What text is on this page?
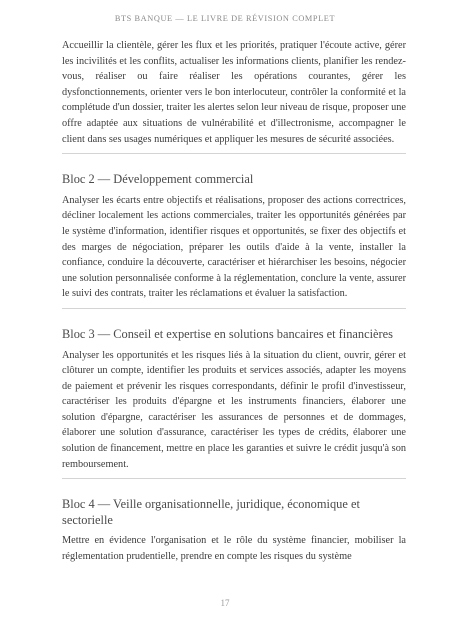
BTS BANQUE — LE LIVRE DE RÉVISION COMPLET

Accueillir la clientèle, gérer les flux et les priorités, pratiquer l'écoute active, gérer les incivilités et les conflits, actualiser les informations clients, planifier les rendez-vous, réaliser ou faire réaliser les opérations courantes, gérer les dysfonctionnements, orienter vers le bon interlocuteur, contrôler la conformité et la complétude d'un dossier, traiter les alertes selon leur niveau de risque, proposer une offre adaptée aux situations de vulnérabilité et d'illectronisme, accompagner le client dans ses usages numériques et appliquer les mesures de sécurité associées.

Bloc 2 — Développement commercial

Analyser les écarts entre objectifs et réalisations, proposer des actions correctrices, décliner localement les actions commerciales, traiter les opportunités générées par le système d'information, identifier risques et opportunités, se fixer des objectifs et des marges de négociation, préparer les outils d'aide à la vente, installer la confiance, conduire la découverte, caractériser et hiérarchiser les besoins, négocier une solution personnalisée conforme à la réglementation, conclure la vente, assurer le suivi des contrats, traiter les réclamations et évaluer la satisfaction.

Bloc 3 — Conseil et expertise en solutions bancaires et financières

Analyser les opportunités et les risques liés à la situation du client, ouvrir, gérer et clôturer un compte, identifier les produits et services associés, adapter les moyens de paiement et prévenir les risques correspondants, définir le profil d'investisseur, caractériser les produits d'épargne et les instruments financiers, élaborer une solution d'épargne, caractériser les assurances de personnes et de dommages, élaborer une solution d'assurance, caractériser les types de crédits, élaborer une solution de financement, mettre en place les garanties et suivre le crédit jusqu'à son remboursement.

Bloc 4 — Veille organisationnelle, juridique, économique et sectorielle

Mettre en évidence l'organisation et le rôle du système financier, mobiliser la réglementation prudentielle, prendre en compte les risques du système

17
